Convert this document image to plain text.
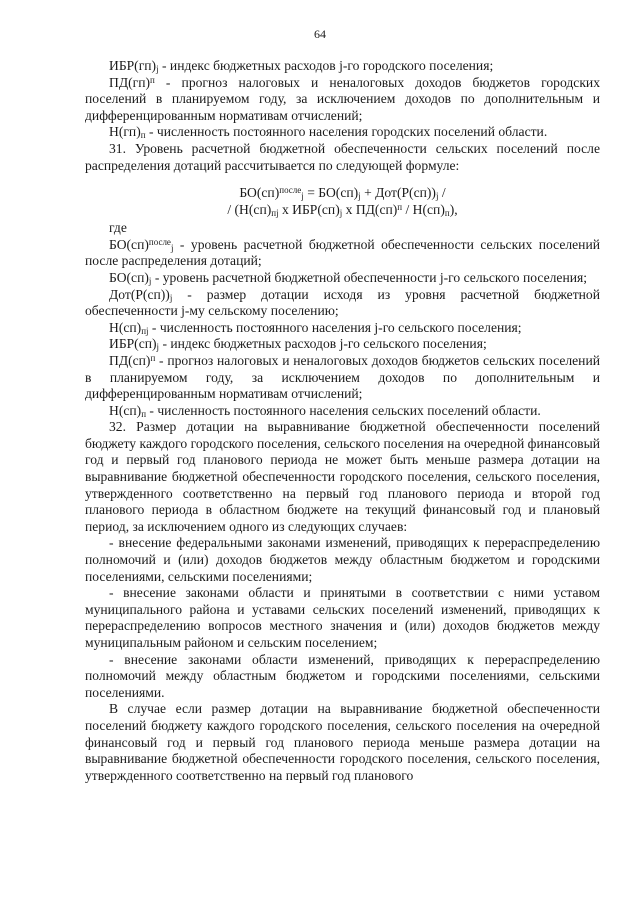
64

$ИБР(гп)_j$ - индекс бюджетных расходов j-го городского поселения;

ПД(гп)$^п$ - прогноз налоговых и неналоговых доходов бюджетов городских поселений в планируемом году, за исключением доходов по дополнительным и дифференцированным нормативам отчислений;

$Н(гп)_п$ - численность постоянного населения городских поселений области.

31. Уровень расчетной бюджетной обеспеченности сельских поселений после распределения дотаций рассчитывается по следующей формуле:

$БО(сп)^{после}_j = БО(сп)_j + Дот(Р(сп))_j$ /
/ ($Н(сп)_{пj}$ х $ИБР(сп)_j$ х $ПД(сп)^п / Н(сп)_п$),

где

БО(сп)$^{после}_j$ - уровень расчетной бюджетной обеспеченности сельских поселений после распределения дотаций;

$БО(сп)_j$ - уровень расчетной бюджетной обеспеченности j-го сельского поселения;

$Дот(Р(сп))_j$ - размер дотации исходя из уровня расчетной бюджетной обеспеченности j-му сельскому поселению;

$Н(сп)_{пj}$ - численность постоянного населения j-го сельского поселения;

$ИБР(сп)_j$ - индекс бюджетных расходов j-го сельского поселения;

ПД(сп)$^п$ - прогноз налоговых и неналоговых доходов бюджетов сельских поселений в планируемом году, за исключением доходов по дополнительным и дифференцированным нормативам отчислений;

$Н(сп)_п$ - численность постоянного населения сельских поселений области.

32. Размер дотации на выравнивание бюджетной обеспеченности поселений бюджету каждого городского поселения, сельского поселения на очередной финансовый год и первый год планового периода не может быть меньше размера дотации на выравнивание бюджетной обеспеченности городского поселения, сельского поселения, утвержденного соответственно на первый год планового периода и второй год планового периода в областном бюджете на текущий финансовый год и плановый период, за исключением одного из следующих случаев:

- внесение федеральными законами изменений, приводящих к перераспределению полномочий и (или) доходов бюджетов между областным бюджетом и городскими поселениями, сельскими поселениями;

- внесение законами области и принятыми в соответствии с ними уставом муниципального района и уставами сельских поселений изменений, приводящих к перераспределению вопросов местного значения и (или) доходов бюджетов между муниципальным районом и сельским поселением;

- внесение законами области изменений, приводящих к перераспределению полномочий между областным бюджетом и городскими поселениями, сельскими поселениями.

В случае если размер дотации на выравнивание бюджетной обеспеченности поселений бюджету каждого городского поселения, сельского поселения на очередной финансовый год и первый год планового периода меньше размера дотации на выравнивание бюджетной обеспеченности городского поселения, сельского поселения, утвержденного соответственно на первый год планового
